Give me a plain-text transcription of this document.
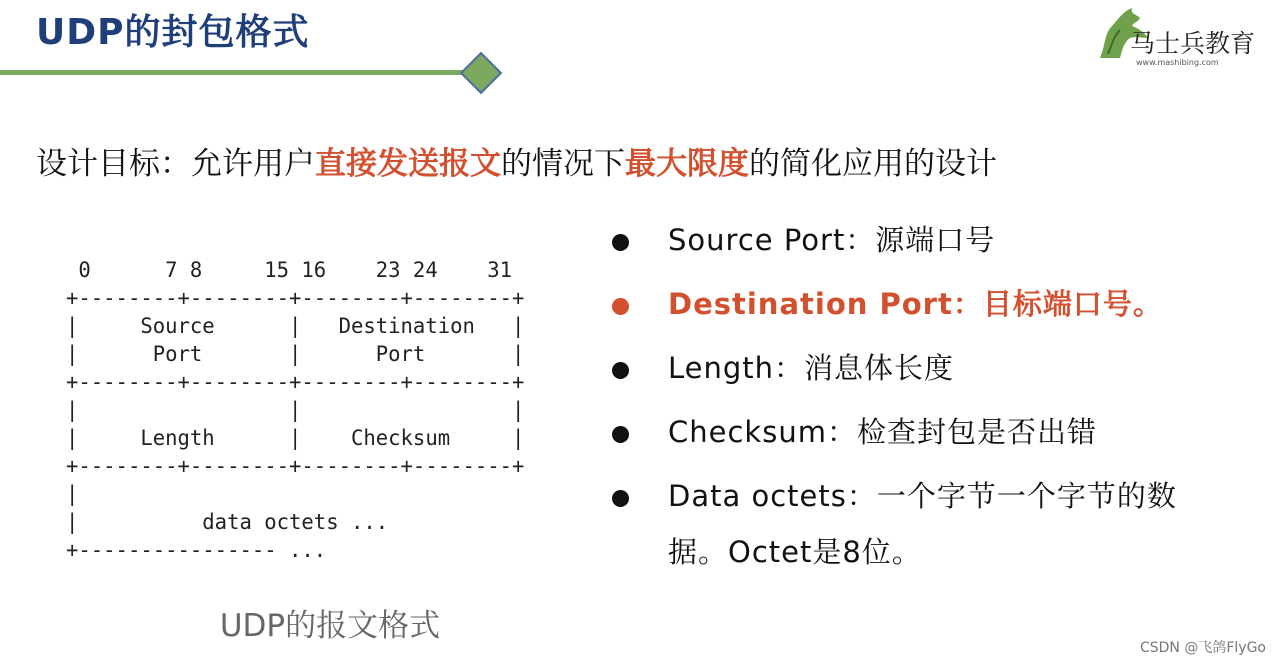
UDP的封包格式	马士兵教育
www.mashibing.com
设计目标：允许用户直接发送报文的情况下最大限度的简化应用的设计
0      7 8     15 16    23 24    31
+--------+--------+--------+--------+
|     Source      |   Destination   |
|      Port       |      Port       |
+--------+--------+--------+--------+
|                 |                 |
|     Length      |    Checksum     |
+--------+--------+--------+--------+
|
|          data octets ...
+---------------- ...
UDP的报文格式
Source Port：源端口号
Destination Port：目标端口号。
Length：消息体长度
Checksum：检查封包是否出错
Data octets：一个字节一个字节的数据。Octet是8位。
CSDN @飞鸽FlyGo
